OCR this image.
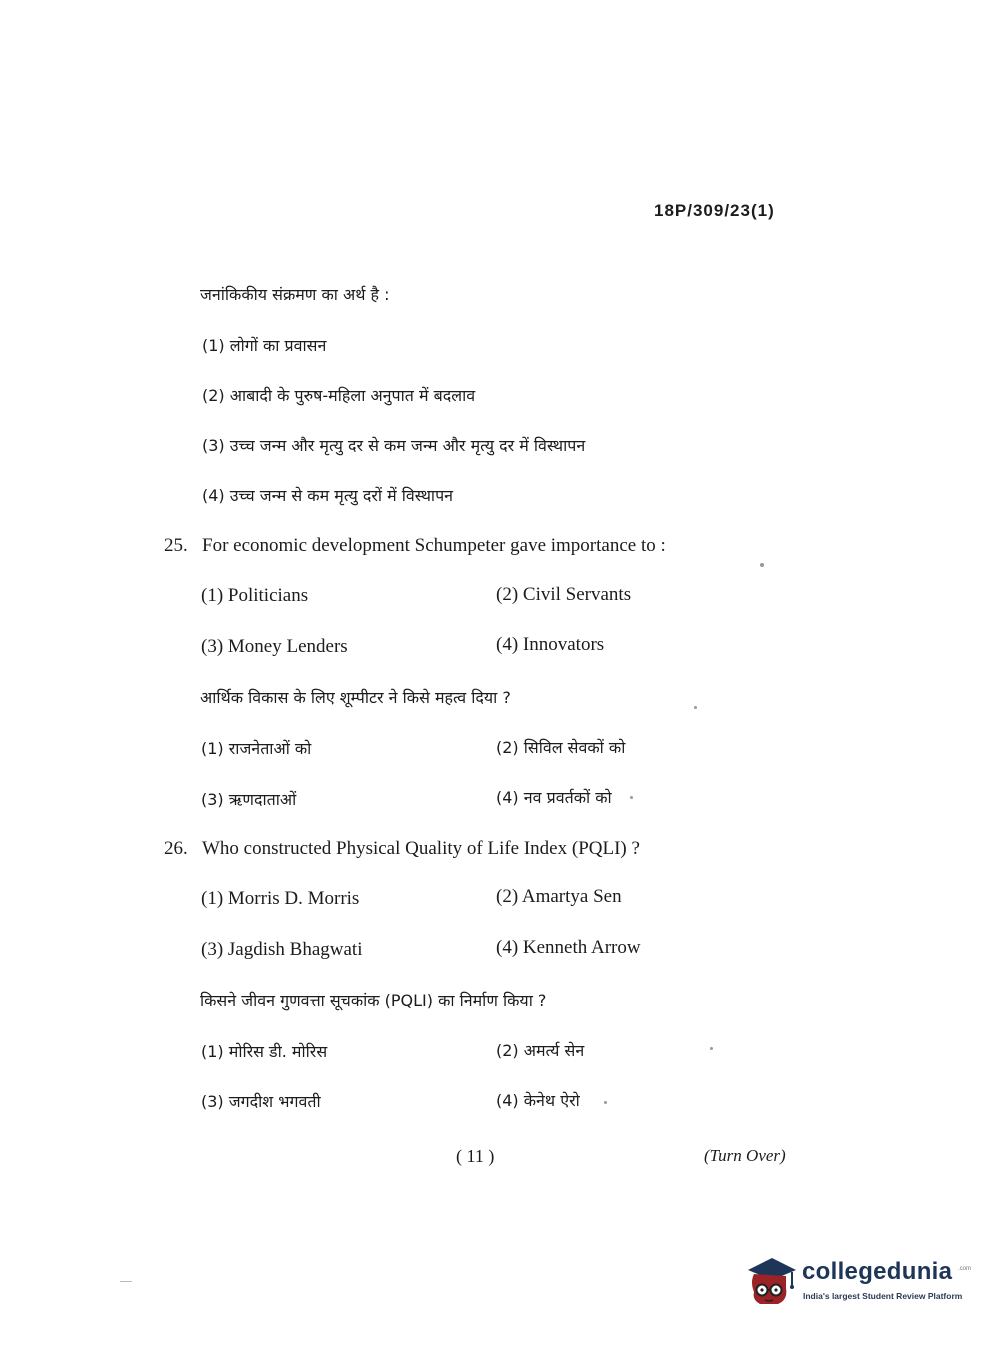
18P/309/23(1)
जनांकिकीय संक्रमण का अर्थ है :
(1) लोगों का प्रवासन
(2) आबादी के पुरुष-महिला अनुपात में बदलाव
(3) उच्च जन्म और मृत्यु दर से कम जन्म और मृत्यु दर में विस्थापन
(4) उच्च जन्म से कम मृत्यु दरों में विस्थापन
25. For economic development Schumpeter gave importance to :
(1) Politicians	(2) Civil Servants
(3) Money Lenders	(4) Innovators
आर्थिक विकास के लिए शूम्पीटर ने किसे महत्व दिया ?
(1) राजनेताओं को	(2) सिविल सेवकों को
(3) ऋणदाताओं	(4) नव प्रवर्तकों को
26. Who constructed Physical Quality of Life Index (PQLI) ?
(1) Morris D. Morris	(2) Amartya Sen
(3) Jagdish Bhagwati	(4) Kenneth Arrow
किसने जीवन गुणवत्ता सूचकांक (PQLI) का निर्माण किया ?
(1) मोरिस डी. मोरिस	(2) अमर्त्य सेन
(3) जगदीश भगवती	(4) केनेथ ऐरो
( 11 )	(Turn Over)
collegedunia .com
India's largest Student Review Platform
